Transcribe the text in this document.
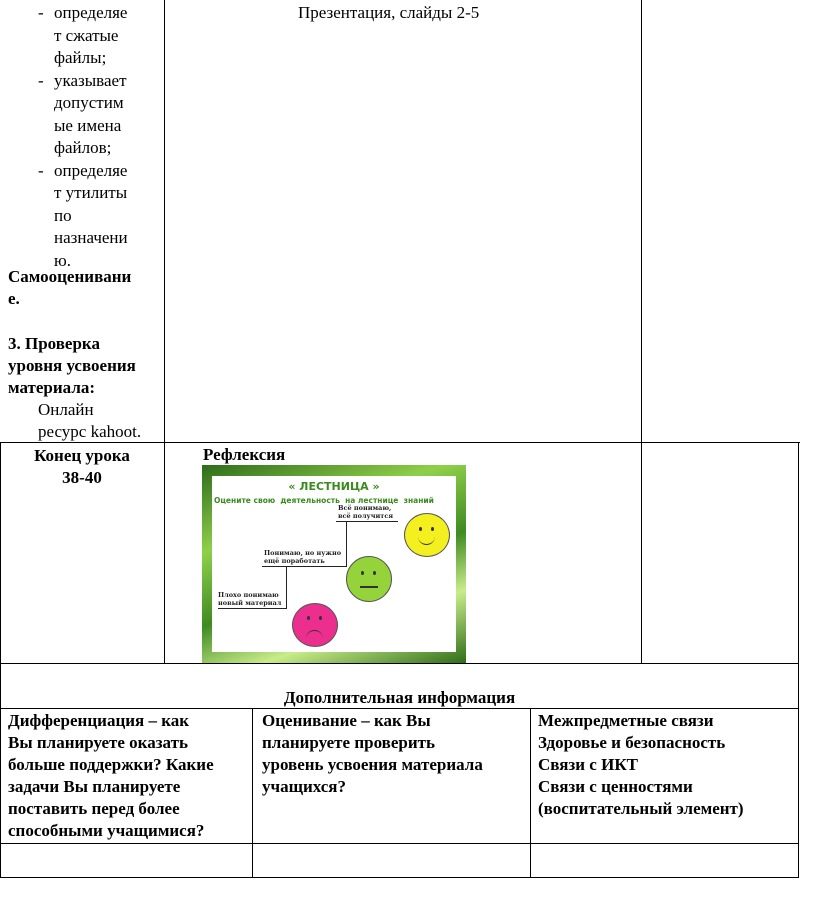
- определяе
т сжатые
файлы;
- указывает
допустим
ые имена
файлов;
- определяе
т утилиты
по
назначени
ю.
Самооценивани
е.
3. Проверка
уровня усвоения
материала:
Онлайн
ресурс kahoot.
Презентация, слайды 2-5
Конец урока
38-40
Рефлексия
« ЛЕСТНИЦА »
Оцените свою  деятельность  на лестнице  знаний
Всё понимаю,
всё получится
Понимаю, но нужно
ещё поработать
Плохо понимаю
новый материал
Дополнительная информация
Дифференциация – как
Вы планируете оказать
больше поддержки? Какие
задачи Вы планируете
поставить перед более
способными учащимися?
Оценивание – как Вы
планируете проверить
уровень усвоения материала
учащихся?
Межпредметные связи
Здоровье и безопасность
Связи с ИКТ
Связи с ценностями
(воспитательный элемент)
